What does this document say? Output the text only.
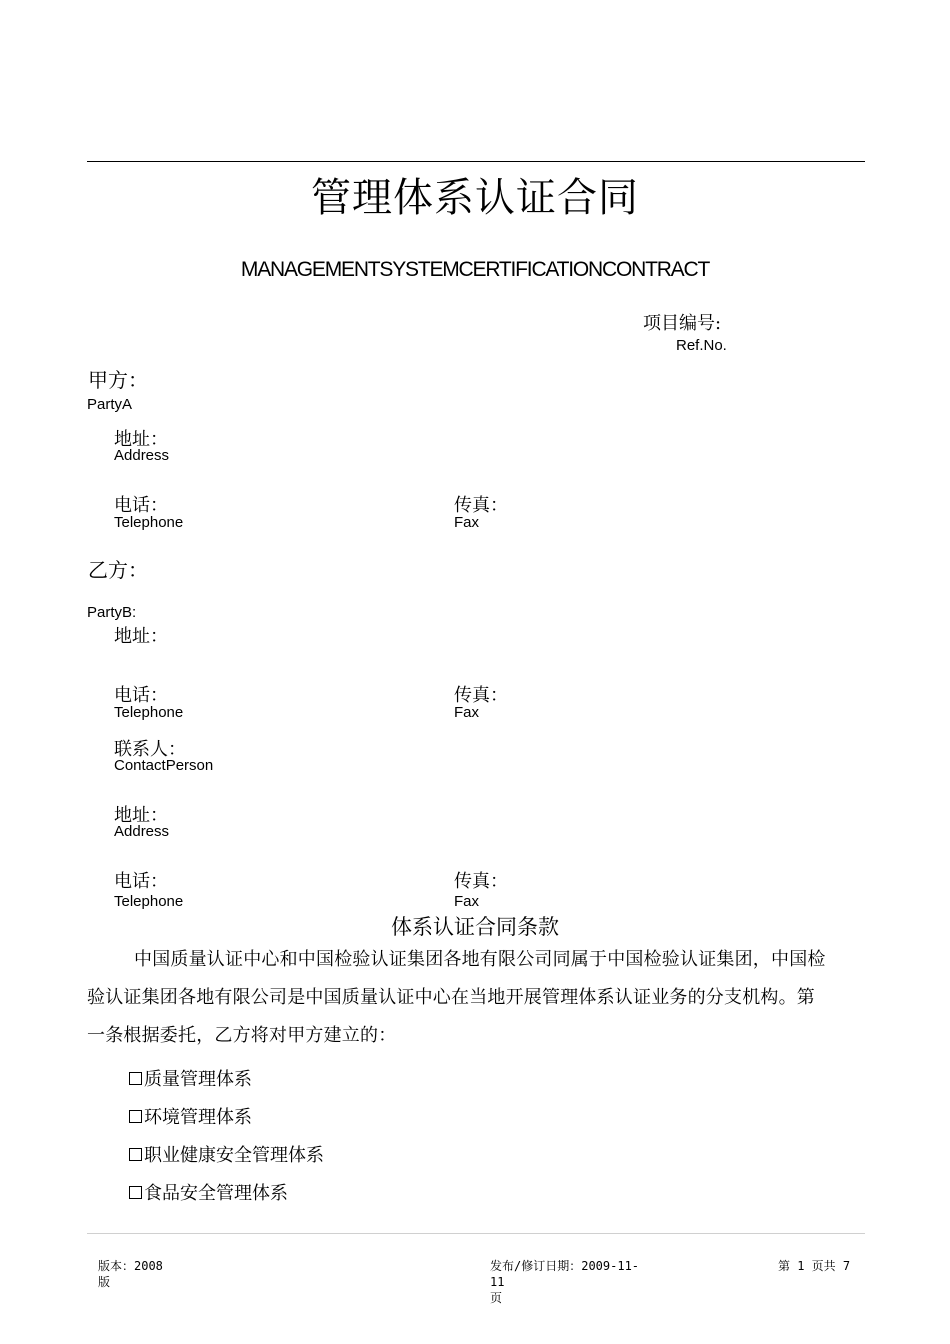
管理体系认证合同
MANAGEMENTSYSTEMCERTIFICATIONCONTRACT
项目编号:
Ref.No.
甲方：
PartyA
地址：
Address
电话：
Telephone
传真：
Fax
乙方：
PartyB:
地址：
电话：
Telephone
传真：
Fax
联系人：
ContactPerson
地址：
Address
电话：
Telephone
传真：
Fax
体系认证合同条款
中国质量认证中心和中国检验认证集团各地有限公司同属于中国检验认证集团，中国检
验认证集团各地有限公司是中国质量认证中心在当地开展管理体系认证业务的分支机构。第
一条根据委托，乙方将对甲方建立的：
质量管理体系
环境管理体系
职业健康安全管理体系
食品安全管理体系
版本：2008
版
发布/修订日期：2009-11-
11
页
第 1 页共 7
